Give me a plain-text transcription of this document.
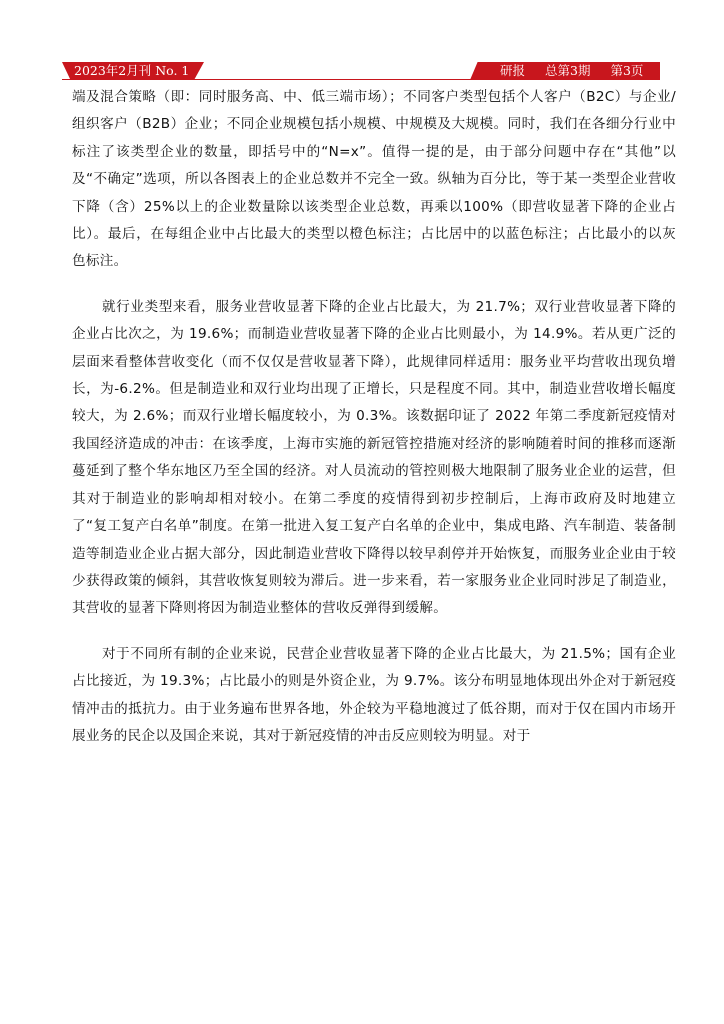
2023年2月刊 No. 1	研报 总第3期 第3页

端及混合策略（即：同时服务高、中、低三端市场）；不同客户类型包括个人客户（B2C）与企业/组织客户（B2B）企业；不同企业规模包括小规模、中规模及大规模。同时，我们在各细分行业中标注了该类型企业的数量，即括号中的“N=x”。值得一提的是，由于部分问题中存在“其他”以及“不确定”选项，所以各图表上的企业总数并不完全一致。纵轴为百分比，等于某一类型企业营收下降（含）25%以上的企业数量除以该类型企业总数，再乘以100%（即营收显著下降的企业占比）。最后，在每组企业中占比最大的类型以橙色标注；占比居中的以蓝色标注；占比最小的以灰色标注。

就行业类型来看，服务业营收显著下降的企业占比最大，为 21.7%；双行业营收显著下降的企业占比次之，为 19.6%；而制造业营收显著下降的企业占比则最小，为 14.9%。若从更广泛的层面来看整体营收变化（而不仅仅是营收显著下降），此规律同样适用：服务业平均营收出现负增长，为-6.2%。但是制造业和双行业均出现了正增长，只是程度不同。其中，制造业营收增长幅度较大，为 2.6%；而双行业增长幅度较小，为 0.3%。该数据印证了 2022 年第二季度新冠疫情对我国经济造成的冲击：在该季度，上海市实施的新冠管控措施对经济的影响随着时间的推移而逐渐蔓延到了整个华东地区乃至全国的经济。对人员流动的管控则极大地限制了服务业企业的运营，但其对于制造业的影响却相对较小。在第二季度的疫情得到初步控制后，上海市政府及时地建立了“复工复产白名单”制度。在第一批进入复工复产白名单的企业中，集成电路、汽车制造、装备制造等制造业企业占据大部分，因此制造业营收下降得以较早刹停并开始恢复，而服务业企业由于较少获得政策的倾斜，其营收恢复则较为滞后。进一步来看，若一家服务业企业同时涉足了制造业，其营收的显著下降则将因为制造业整体的营收反弹得到缓解。

对于不同所有制的企业来说，民营企业营收显著下降的企业占比最大，为 21.5%；国有企业占比接近，为 19.3%；占比最小的则是外资企业，为 9.7%。该分布明显地体现出外企对于新冠疫情冲击的抵抗力。由于业务遍布世界各地，外企较为平稳地渡过了低谷期，而对于仅在国内市场开展业务的民企以及国企来说，其对于新冠疫情的冲击反应则较为明显。对于
